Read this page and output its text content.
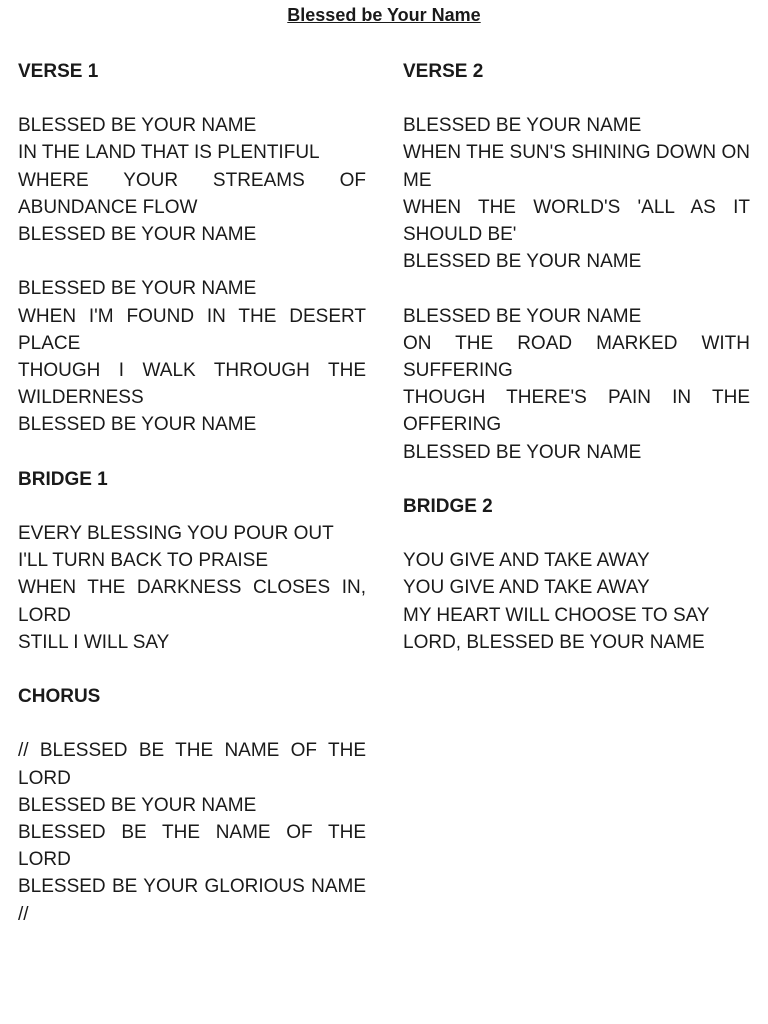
Blessed be Your Name
VERSE 1
BLESSED BE YOUR NAME
IN THE LAND THAT IS PLENTIFUL
WHERE YOUR STREAMS OF ABUNDANCE FLOW
BLESSED BE YOUR NAME
BLESSED BE YOUR NAME
WHEN I'M FOUND IN THE DESERT PLACE
THOUGH I WALK THROUGH THE WILDERNESS
BLESSED BE YOUR NAME
BRIDGE 1
EVERY BLESSING YOU POUR OUT
I'LL TURN BACK TO PRAISE
WHEN THE DARKNESS CLOSES IN, LORD
STILL I WILL SAY
CHORUS
// BLESSED BE THE NAME OF THE LORD
BLESSED BE YOUR NAME
BLESSED BE THE NAME OF THE LORD
BLESSED BE YOUR GLORIOUS NAME //
VERSE 2
BLESSED BE YOUR NAME
WHEN THE SUN'S SHINING DOWN ON ME
WHEN THE WORLD'S 'ALL AS IT SHOULD BE'
BLESSED BE YOUR NAME
BLESSED BE YOUR NAME
ON THE ROAD MARKED WITH SUFFERING
THOUGH THERE'S PAIN IN THE OFFERING
BLESSED BE YOUR NAME
BRIDGE 2
YOU GIVE AND TAKE AWAY
YOU GIVE AND TAKE AWAY
MY HEART WILL CHOOSE TO SAY
LORD, BLESSED BE YOUR NAME
